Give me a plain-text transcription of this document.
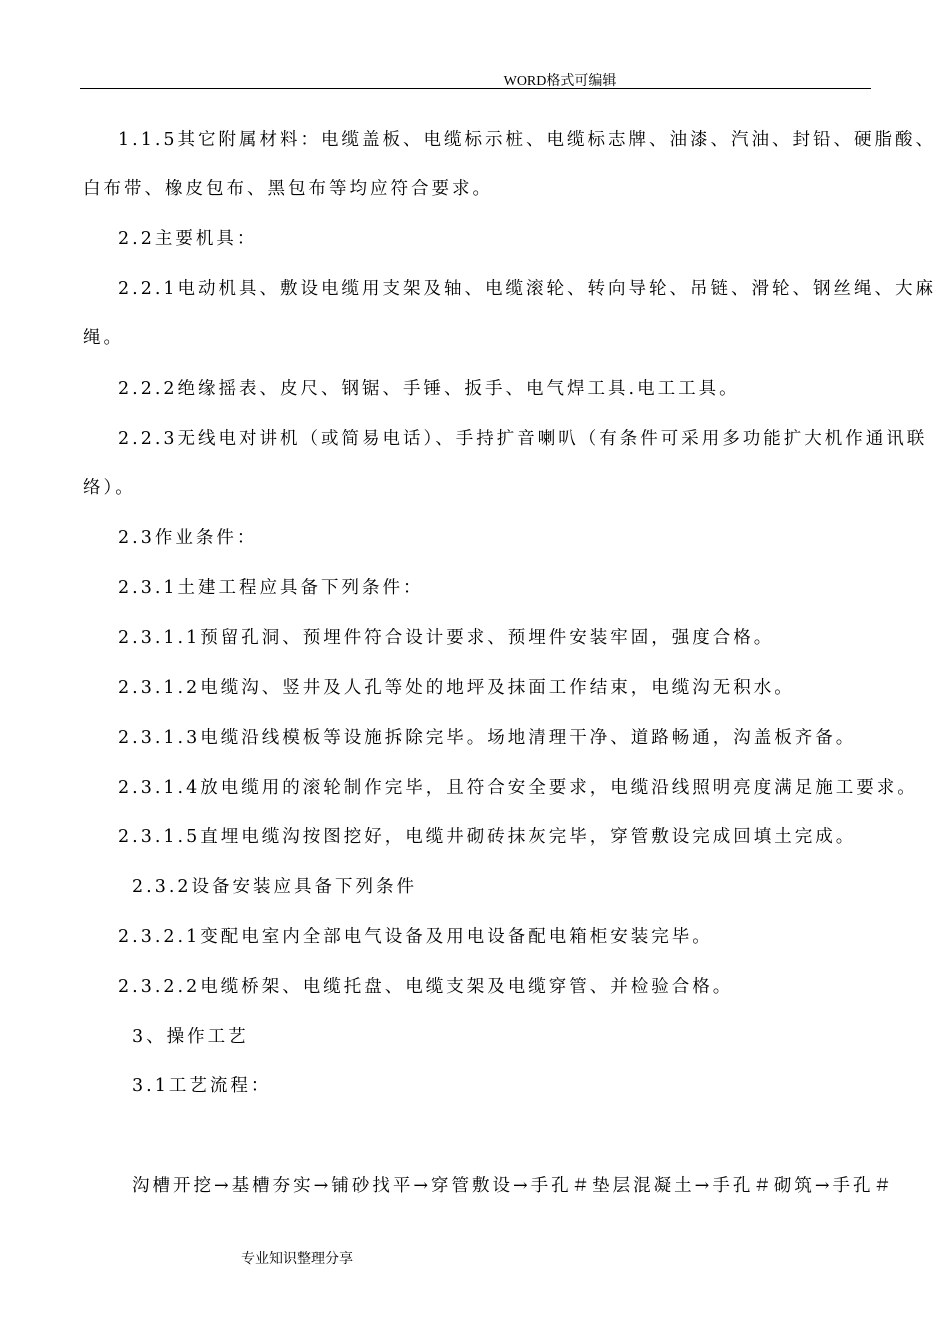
WORD格式可编辑
1.1.5其它附属材料：电缆盖板、电缆标示桩、电缆标志牌、油漆、汽油、封铅、硬脂酸、
白布带、橡皮包布、黑包布等均应符合要求。
2.2主要机具：
2.2.1电动机具、敷设电缆用支架及轴、电缆滚轮、转向导轮、吊链、滑轮、钢丝绳、大麻
绳。
2.2.2绝缘摇表、皮尺、钢锯、手锤、扳手、电气焊工具.电工工具。
2.2.3无线电对讲机（或简易电话）、手持扩音喇叭（有条件可采用多功能扩大机作通讯联
络）。
2.3作业条件：
2.3.1土建工程应具备下列条件：
2.3.1.1预留孔洞、预埋件符合设计要求、预埋件安装牢固，强度合格。
2.3.1.2电缆沟、竖井及人孔等处的地坪及抹面工作结束，电缆沟无积水。
2.3.1.3电缆沿线模板等设施拆除完毕。场地清理干净、道路畅通，沟盖板齐备。
2.3.1.4放电缆用的滚轮制作完毕，且符合安全要求，电缆沿线照明亮度满足施工要求。
2.3.1.5直埋电缆沟按图挖好，电缆井砌砖抹灰完毕，穿管敷设完成回填土完成。
2.3.2设备安装应具备下列条件
2.3.2.1变配电室内全部电气设备及用电设备配电箱柜安装完毕。
2.3.2.2电缆桥架、电缆托盘、电缆支架及电缆穿管、并检验合格。
3、操作工艺
3.1工艺流程：
沟槽开挖→基槽夯实→铺砂找平→穿管敷设→手孔＃垫层混凝土→手孔＃砌筑→手孔＃
专业知识整理分享
